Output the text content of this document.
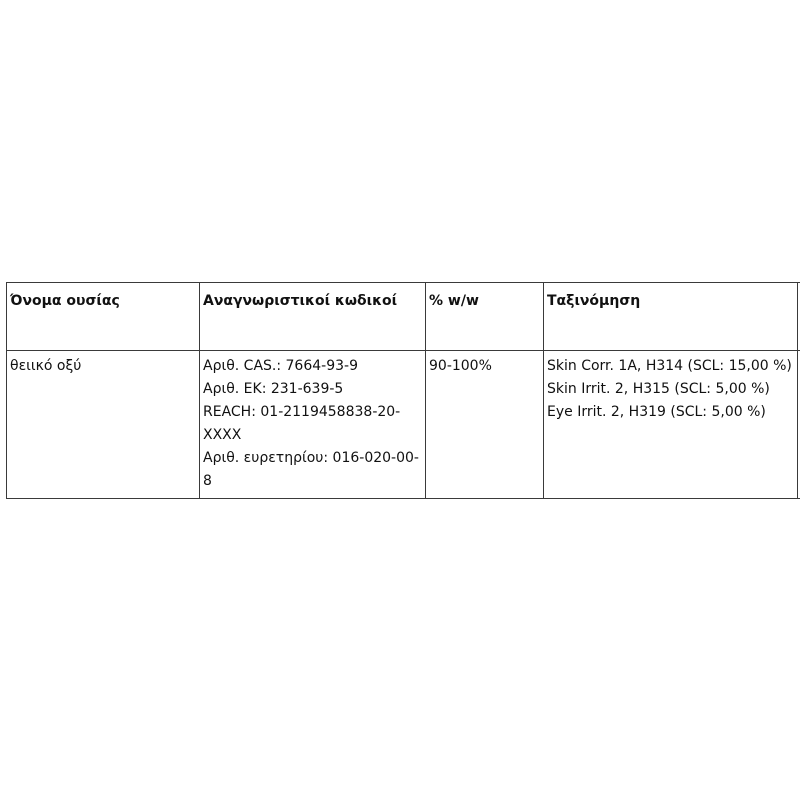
Όνομα ουσίας	Αναγνωριστικοί κωδικοί	% w/w	Ταξινόμηση	

θειικό οξύ	Αριθ. CAS.: 7664-93-9
Αριθ. ΕΚ: 231-639-5
REACH: 01-2119458838-20-XXXX
Αριθ. ευρετηρίου: 016-020-00-8	90-100%	Skin Corr. 1A, H314 (SCL: 15,00 %)
Skin Irrit. 2, H315 (SCL: 5,00 %)
Eye Irrit. 2, H319 (SCL: 5,00 %)	
